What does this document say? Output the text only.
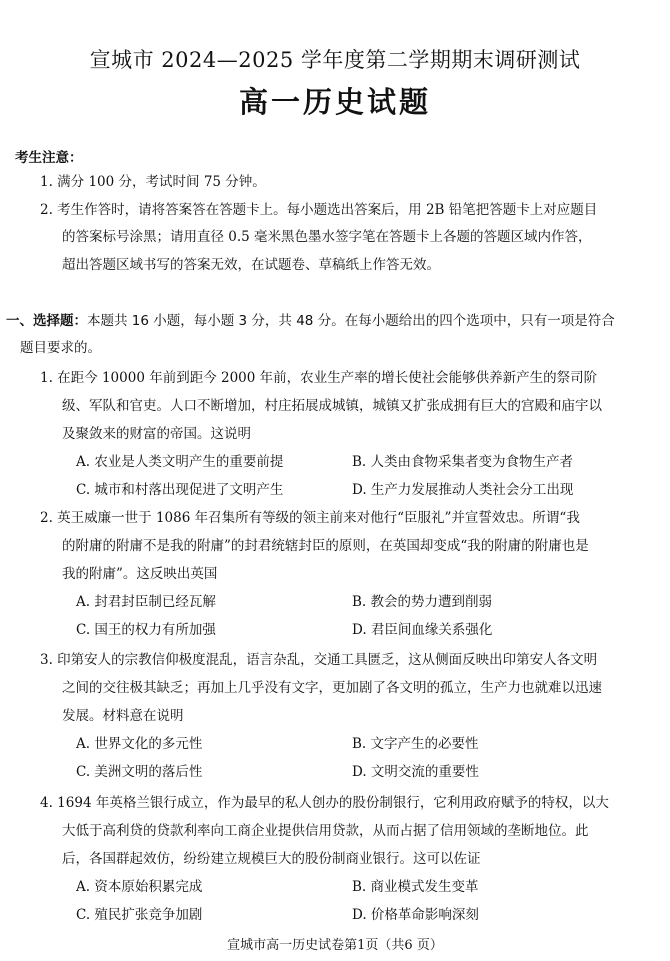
宣城市 2024—2025 学年度第二学期期末调研测试
高一历史试题
考生注意：
1. 满分 100 分，考试时间 75 分钟。
2. 考生作答时，请将答案答在答题卡上。每小题选出答案后，用 2B 铅笔把答题卡上对应题目
的答案标号涂黑；请用直径 0.5 毫米黑色墨水签字笔在答题卡上各题的答题区域内作答，
超出答题区域书写的答案无效，在试题卷、草稿纸上作答无效。
一、选择题：本题共 16 小题，每小题 3 分，共 48 分。在每小题给出的四个选项中，只有一项是符合
题目要求的。
1. 在距今 10000 年前到距今 2000 年前，农业生产率的增长使社会能够供养新产生的祭司阶
级、军队和官吏。人口不断增加，村庄拓展成城镇，城镇又扩张成拥有巨大的宫殿和庙宇以
及聚敛来的财富的帝国。这说明
A. 农业是人类文明产生的重要前提	B. 人类由食物采集者变为食物生产者
C. 城市和村落出现促进了文明产生	D. 生产力发展推动人类社会分工出现
2. 英王威廉一世于 1086 年召集所有等级的领主前来对他行“臣服礼”并宣誓效忠。所谓“我
的附庸的附庸不是我的附庸”的封君统辖封臣的原则，在英国却变成“我的附庸的附庸也是
我的附庸”。这反映出英国
A. 封君封臣制已经瓦解	B. 教会的势力遭到削弱
C. 国王的权力有所加强	D. 君臣间血缘关系强化
3. 印第安人的宗教信仰极度混乱，语言杂乱，交通工具匮乏，这从侧面反映出印第安人各文明
之间的交往极其缺乏；再加上几乎没有文字，更加剧了各文明的孤立，生产力也就难以迅速
发展。材料意在说明
A. 世界文化的多元性	B. 文字产生的必要性
C. 美洲文明的落后性	D. 文明交流的重要性
4. 1694 年英格兰银行成立，作为最早的私人创办的股份制银行，它利用政府赋予的特权，以大
大低于高利贷的贷款利率向工商企业提供信用贷款，从而占据了信用领域的垄断地位。此
后，各国群起效仿，纷纷建立规模巨大的股份制商业银行。这可以佐证
A. 资本原始积累完成	B. 商业模式发生变革
C. 殖民扩张竞争加剧	D. 价格革命影响深刻
宣城市高一历史试卷第1页（共6 页）
